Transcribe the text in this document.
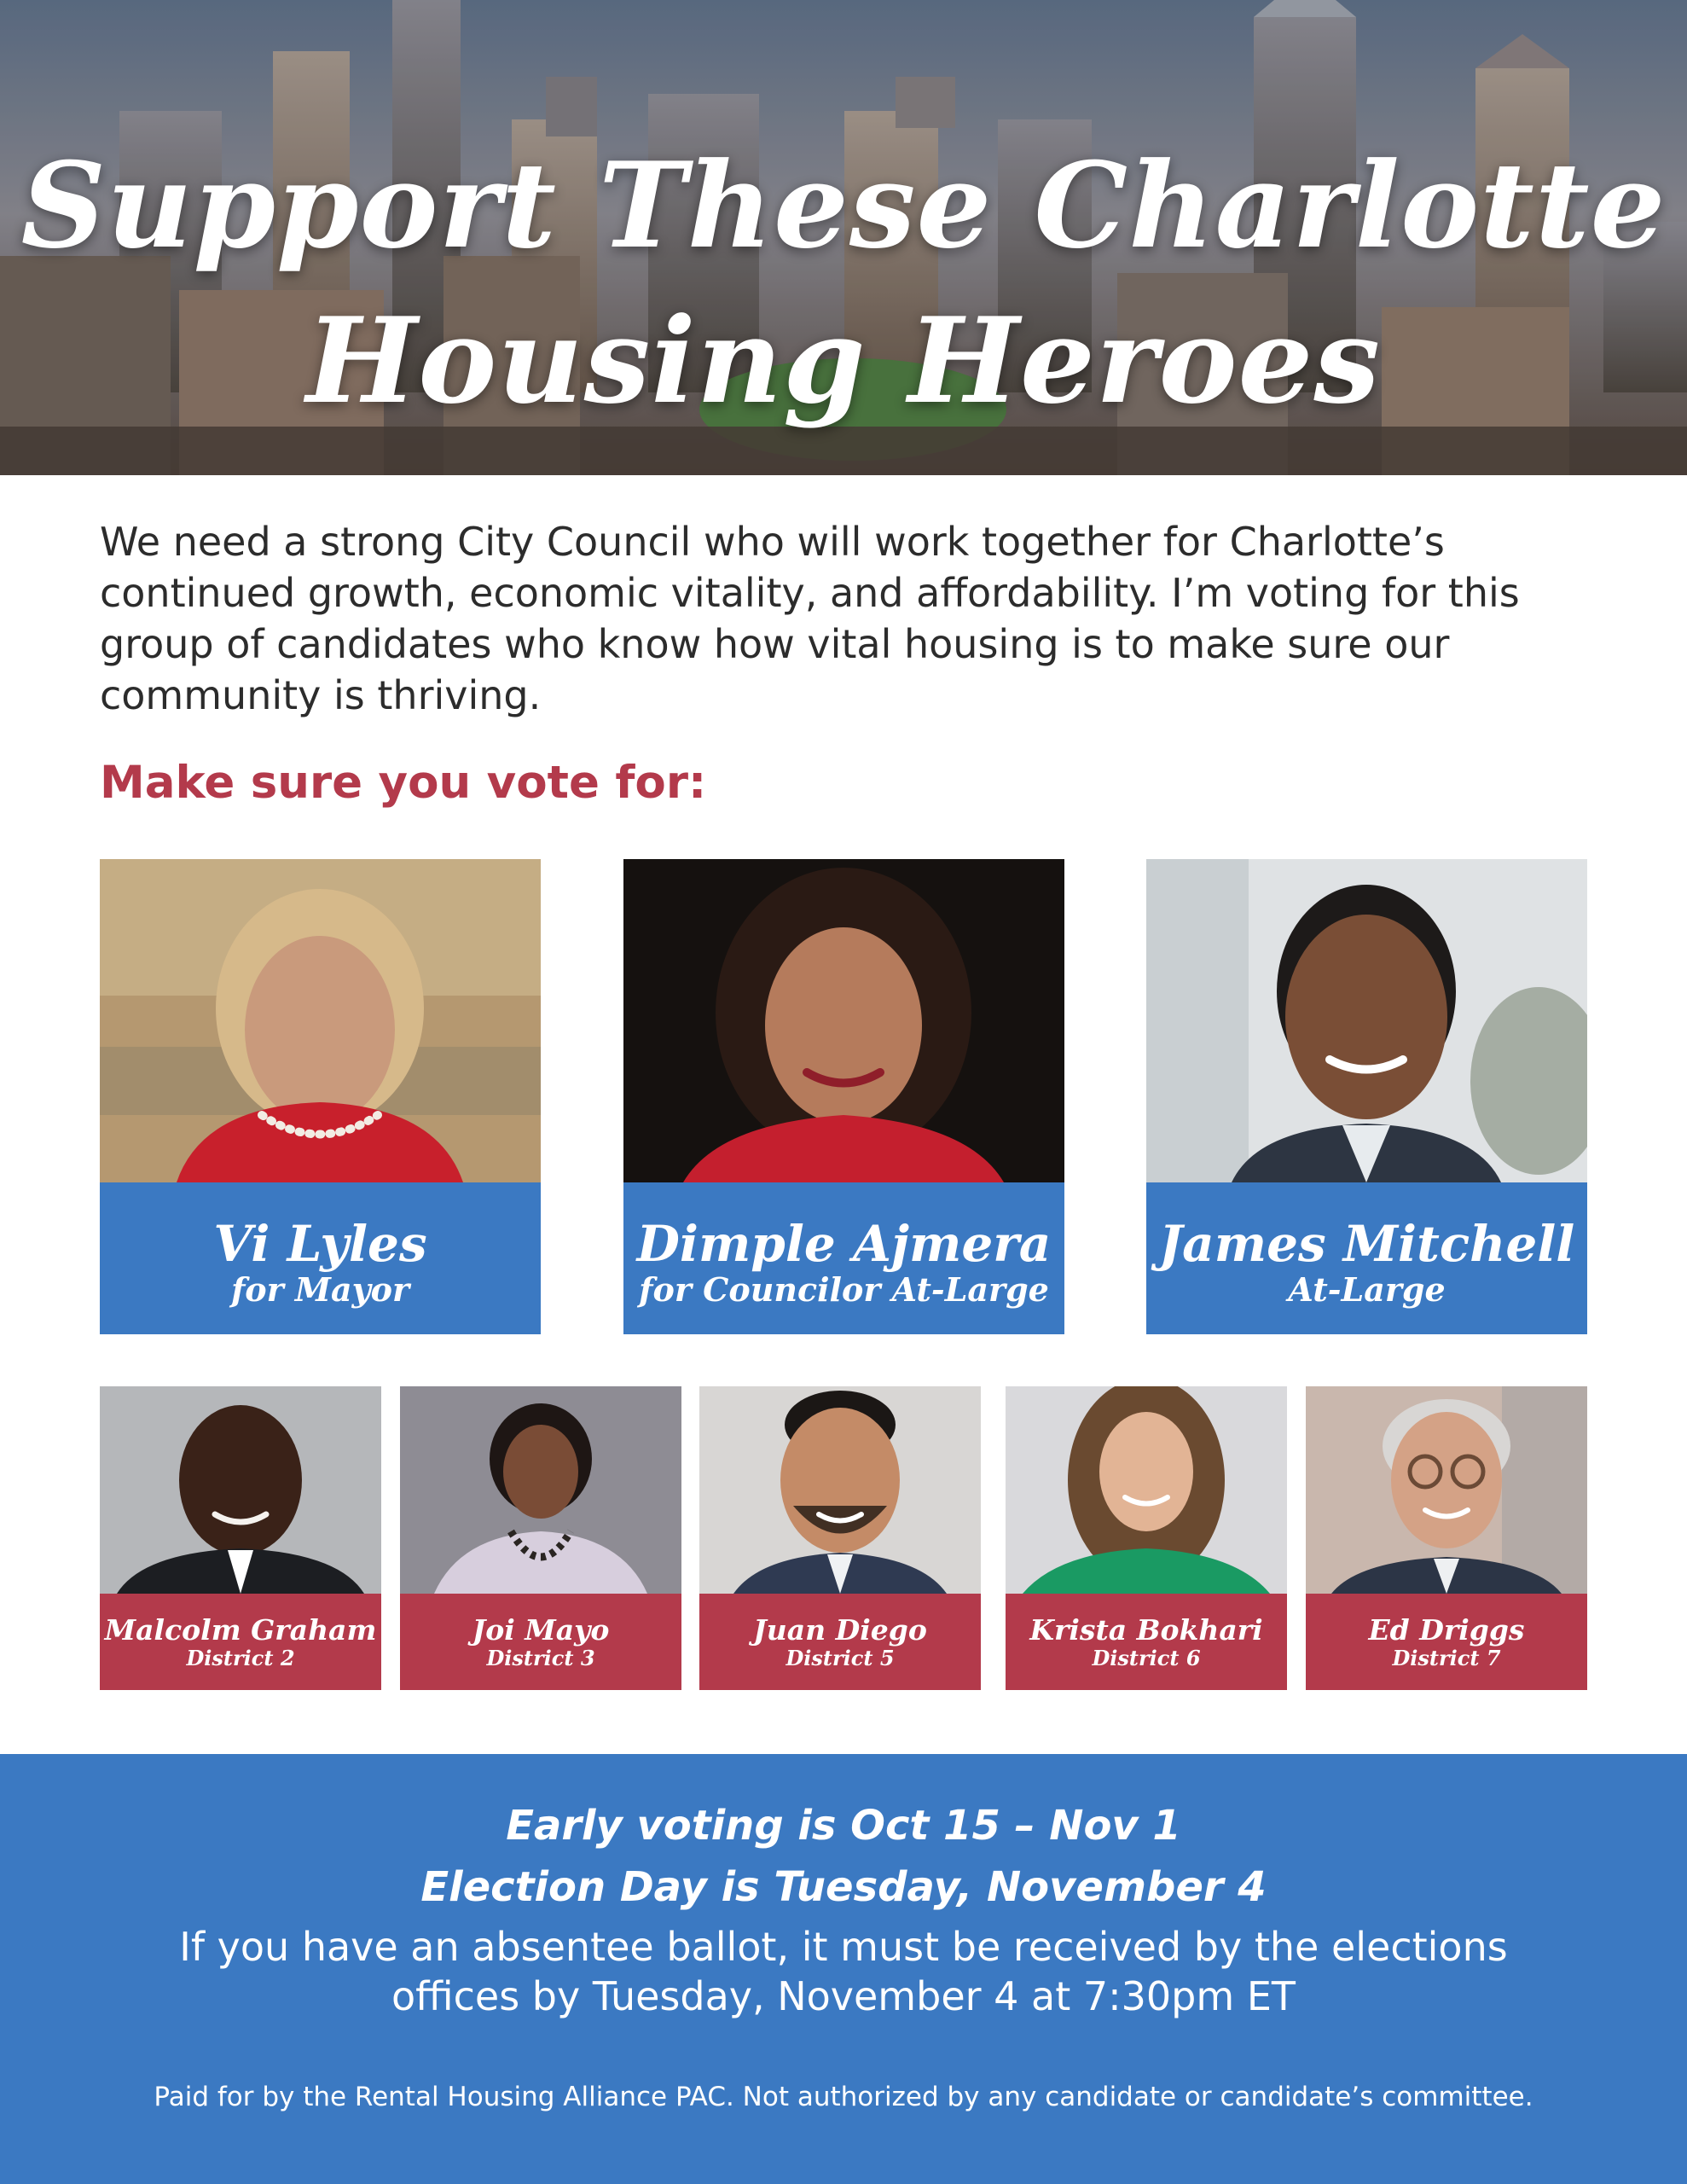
Support These Charlotte
Housing Heroes

We need a strong City Council who will work together for Charlotte’s continued growth, economic vitality, and affordability. I’m voting for this group of candidates who know how vital housing is to make sure our community is thriving.

Make sure you vote for:
Vi Lyles
for Mayor
Dimple Ajmera
for Councilor At-Large
James Mitchell
At-Large
Malcolm Graham
District 2
Joi Mayo
District 3
Juan Diego
District 5
Krista Bokhari
District 6
Ed Driggs
District 7
Early voting is Oct 15 – Nov 1
Election Day is Tuesday, November 4
If you have an absentee ballot, it must be received by the elections offices by Tuesday, November 4 at 7:30pm ET
Paid for by the Rental Housing Alliance PAC. Not authorized by any candidate or candidate’s committee.
